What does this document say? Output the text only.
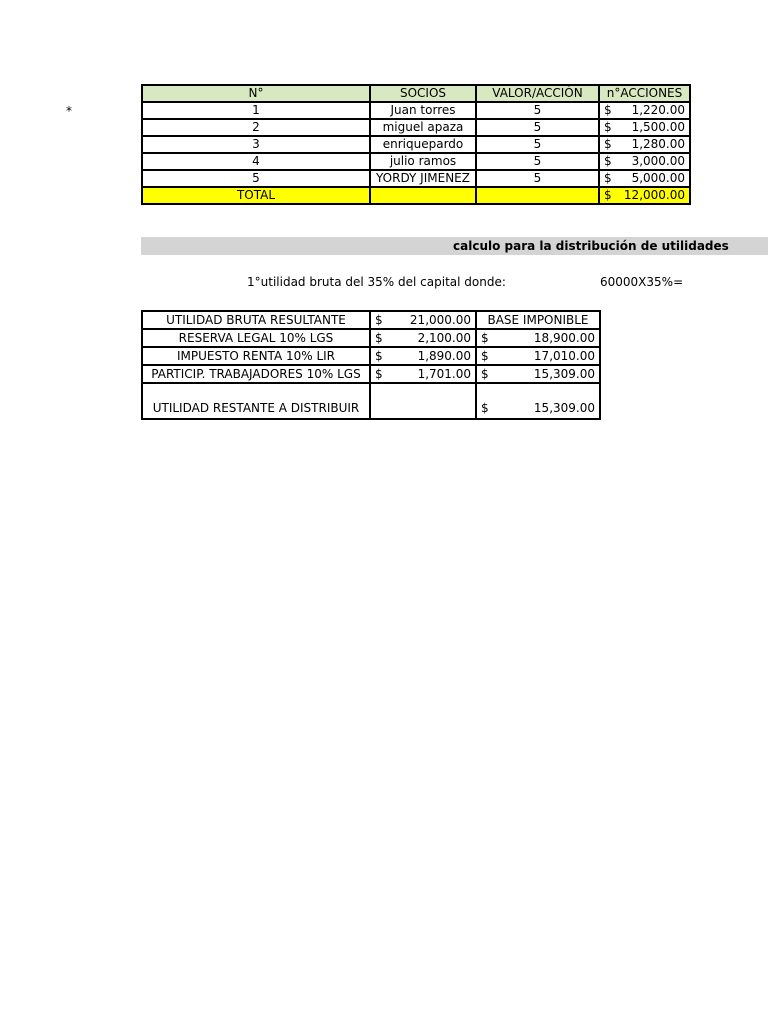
*
N°	SOCIOS	VALOR/ACCIÓN	n°ACCIONES
1	Juan torres	5	$ 1,220.00

2	miguel apaza	5	$ 1,500.00

3	enriquepardo	5	$ 1,280.00

4	julio ramos	5	$ 3,000.00

5	YORDY JIMENEZ	5	$ 5,000.00

TOTAL			$ 12,000.00
calculo para la distribución de utilidades
1°utilidad bruta del 35% del capital donde:	60000X35%=
UTILIDAD BRUTA RESULTANTE	$ 21,000.00	BASE IMPONIBLE
RESERVA LEGAL 10% LGS	$ 2,100.00	$ 18,900.00

IMPUESTO RENTA 10% LIR	$ 1,890.00	$ 17,010.00

PARTICIP. TRABAJADORES 10% LGS	$ 1,701.00	$ 15,309.00

UTILIDAD RESTANTE A DISTRIBUIR		$ 15,309.00
